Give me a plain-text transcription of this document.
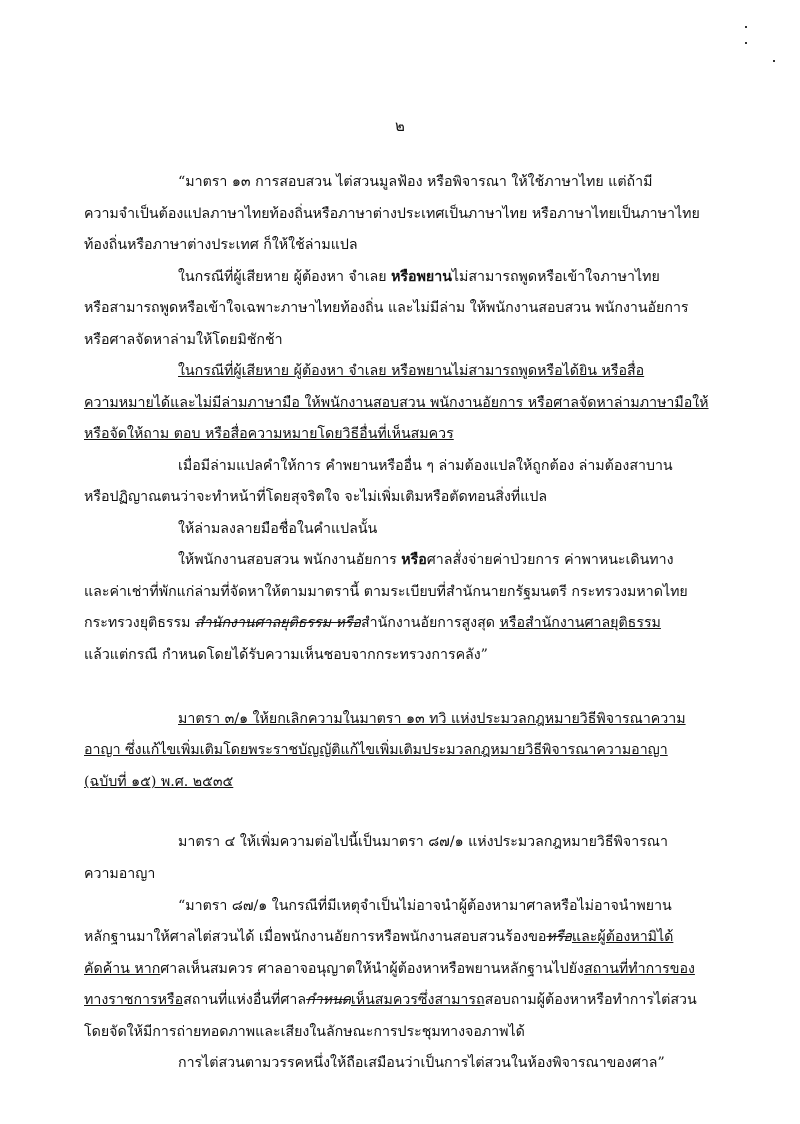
๒
“มาตรา ๑๓ การสอบสวน ไต่สวนมูลฟ้อง หรือพิจารณา ให้ใช้ภาษาไทย แต่ถ้ามี
ความจำเป็นต้องแปลภาษาไทยท้องถิ่นหรือภาษาต่างประเทศเป็นภาษาไทย หรือภาษาไทยเป็นภาษาไทย
ท้องถิ่นหรือภาษาต่างประเทศ ก็ให้ใช้ล่ามแปล
ในกรณีที่ผู้เสียหาย ผู้ต้องหา จำเลย หรือพยานไม่สามารถพูดหรือเข้าใจภาษาไทย
หรือสามารถพูดหรือเข้าใจเฉพาะภาษาไทยท้องถิ่น และไม่มีล่าม ให้พนักงานสอบสวน พนักงานอัยการ
หรือศาลจัดหาล่ามให้โดยมิชักช้า
ในกรณีที่ผู้เสียหาย ผู้ต้องหา จำเลย หรือพยานไม่สามารถพูดหรือได้ยิน หรือสื่อ
ความหมายได้และไม่มีล่ามภาษามือ ให้พนักงานสอบสวน พนักงานอัยการ หรือศาลจัดหาล่ามภาษามือให้
หรือจัดให้ถาม ตอบ หรือสื่อความหมายโดยวิธีอื่นที่เห็นสมควร
เมื่อมีล่ามแปลคำให้การ คำพยานหรืออื่น ๆ ล่ามต้องแปลให้ถูกต้อง ล่ามต้องสาบาน
หรือปฏิญาณตนว่าจะทำหน้าที่โดยสุจริตใจ จะไม่เพิ่มเติมหรือตัดทอนสิ่งที่แปล
ให้ล่ามลงลายมือชื่อในคำแปลนั้น
ให้พนักงานสอบสวน พนักงานอัยการ หรือศาลสั่งจ่ายค่าป่วยการ ค่าพาหนะเดินทาง
และค่าเช่าที่พักแก่ล่ามที่จัดหาให้ตามมาตรานี้ ตามระเบียบที่สำนักนายกรัฐมนตรี กระทรวงมหาดไทย
กระทรวงยุติธรรม สำนักงานศาลยุติธรรม หรือสำนักงานอัยการสูงสุด หรือสำนักงานศาลยุติธรรม
แล้วแต่กรณี กำหนดโดยได้รับความเห็นชอบจากกระทรวงการคลัง”
มาตรา ๓/๑ ให้ยกเลิกความในมาตรา ๑๓ ทวิ แห่งประมวลกฎหมายวิธีพิจารณาความ
อาญา ซึ่งแก้ไขเพิ่มเติมโดยพระราชบัญญัติแก้ไขเพิ่มเติมประมวลกฎหมายวิธีพิจารณาความอาญา
(ฉบับที่ ๑๕) พ.ศ. ๒๕๓๕
มาตรา ๔ ให้เพิ่มความต่อไปนี้เป็นมาตรา ๘๗/๑ แห่งประมวลกฎหมายวิธีพิจารณา
ความอาญา
“มาตรา ๘๗/๑ ในกรณีที่มีเหตุจำเป็นไม่อาจนำผู้ต้องหามาศาลหรือไม่อาจนำพยาน
หลักฐานมาให้ศาลไต่สวนได้ เมื่อพนักงานอัยการหรือพนักงานสอบสวนร้องขอหรือและผู้ต้องหามิได้
คัดค้าน หากศาลเห็นสมควร ศาลอาจอนุญาตให้นำผู้ต้องหาหรือพยานหลักฐานไปยังสถานที่ทำการของ
ทางราชการหรือสถานที่แห่งอื่นที่ศาลกำหนดเห็นสมควรซึ่งสามารถสอบถามผู้ต้องหาหรือทำการไต่สวน
โดยจัดให้มีการถ่ายทอดภาพและเสียงในลักษณะการประชุมทางจอภาพได้
การไต่สวนตามวรรคหนึ่งให้ถือเสมือนว่าเป็นการไต่สวนในห้องพิจารณาของศาล”
